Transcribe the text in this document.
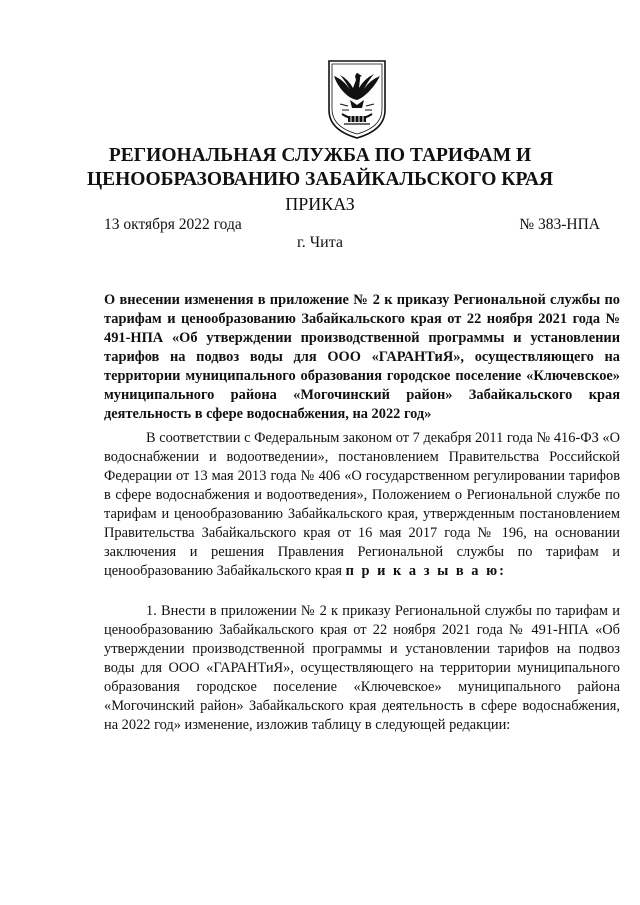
РЕГИОНАЛЬНАЯ СЛУЖБА ПО ТАРИФАМ И ЦЕНООБРАЗОВАНИЮ ЗАБАЙКАЛЬСКОГО КРАЯ
ПРИКАЗ
13 октября 2022 года	№ 383-НПА
г. Чита
О внесении изменения в приложение № 2 к приказу Региональной службы по тарифам и ценообразованию Забайкальского края от 22 ноября 2021 года № 491-НПА «Об утверждении производственной программы и установлении тарифов на подвоз воды для ООО «ГАРАНТиЯ», осуществляющего на территории муниципального образования городское поселение «Ключевское» муниципального района «Могочинский район» Забайкальского края деятельность в сфере водоснабжения, на 2022 год»
В соответствии с Федеральным законом от 7 декабря 2011 года № 416-ФЗ «О водоснабжении и водоотведении», постановлением Правительства Российской Федерации от 13 мая 2013 года № 406 «О государственном регулировании тарифов в сфере водоснабжения и водоотведения», Положением о Региональной службе по тарифам и ценообразованию Забайкальского края, утвержденным постановлением Правительства Забайкальского края от 16 мая 2017 года № 196, на основании заключения и решения Правления Региональной службы по тарифам и ценообразованию Забайкальского края п р и к а з ы в а ю:
1. Внести в приложении № 2 к приказу Региональной службы по тарифам и ценообразованию Забайкальского края от 22 ноября 2021 года № 491-НПА «Об утверждении производственной программы и установлении тарифов на подвоз воды для ООО «ГАРАНТиЯ», осуществляющего на территории муниципального образования городское поселение «Ключевское» муниципального района «Могочинский район» Забайкальского края деятельность в сфере водоснабжения, на 2022 год» изменение, изложив таблицу в следующей редакции:
